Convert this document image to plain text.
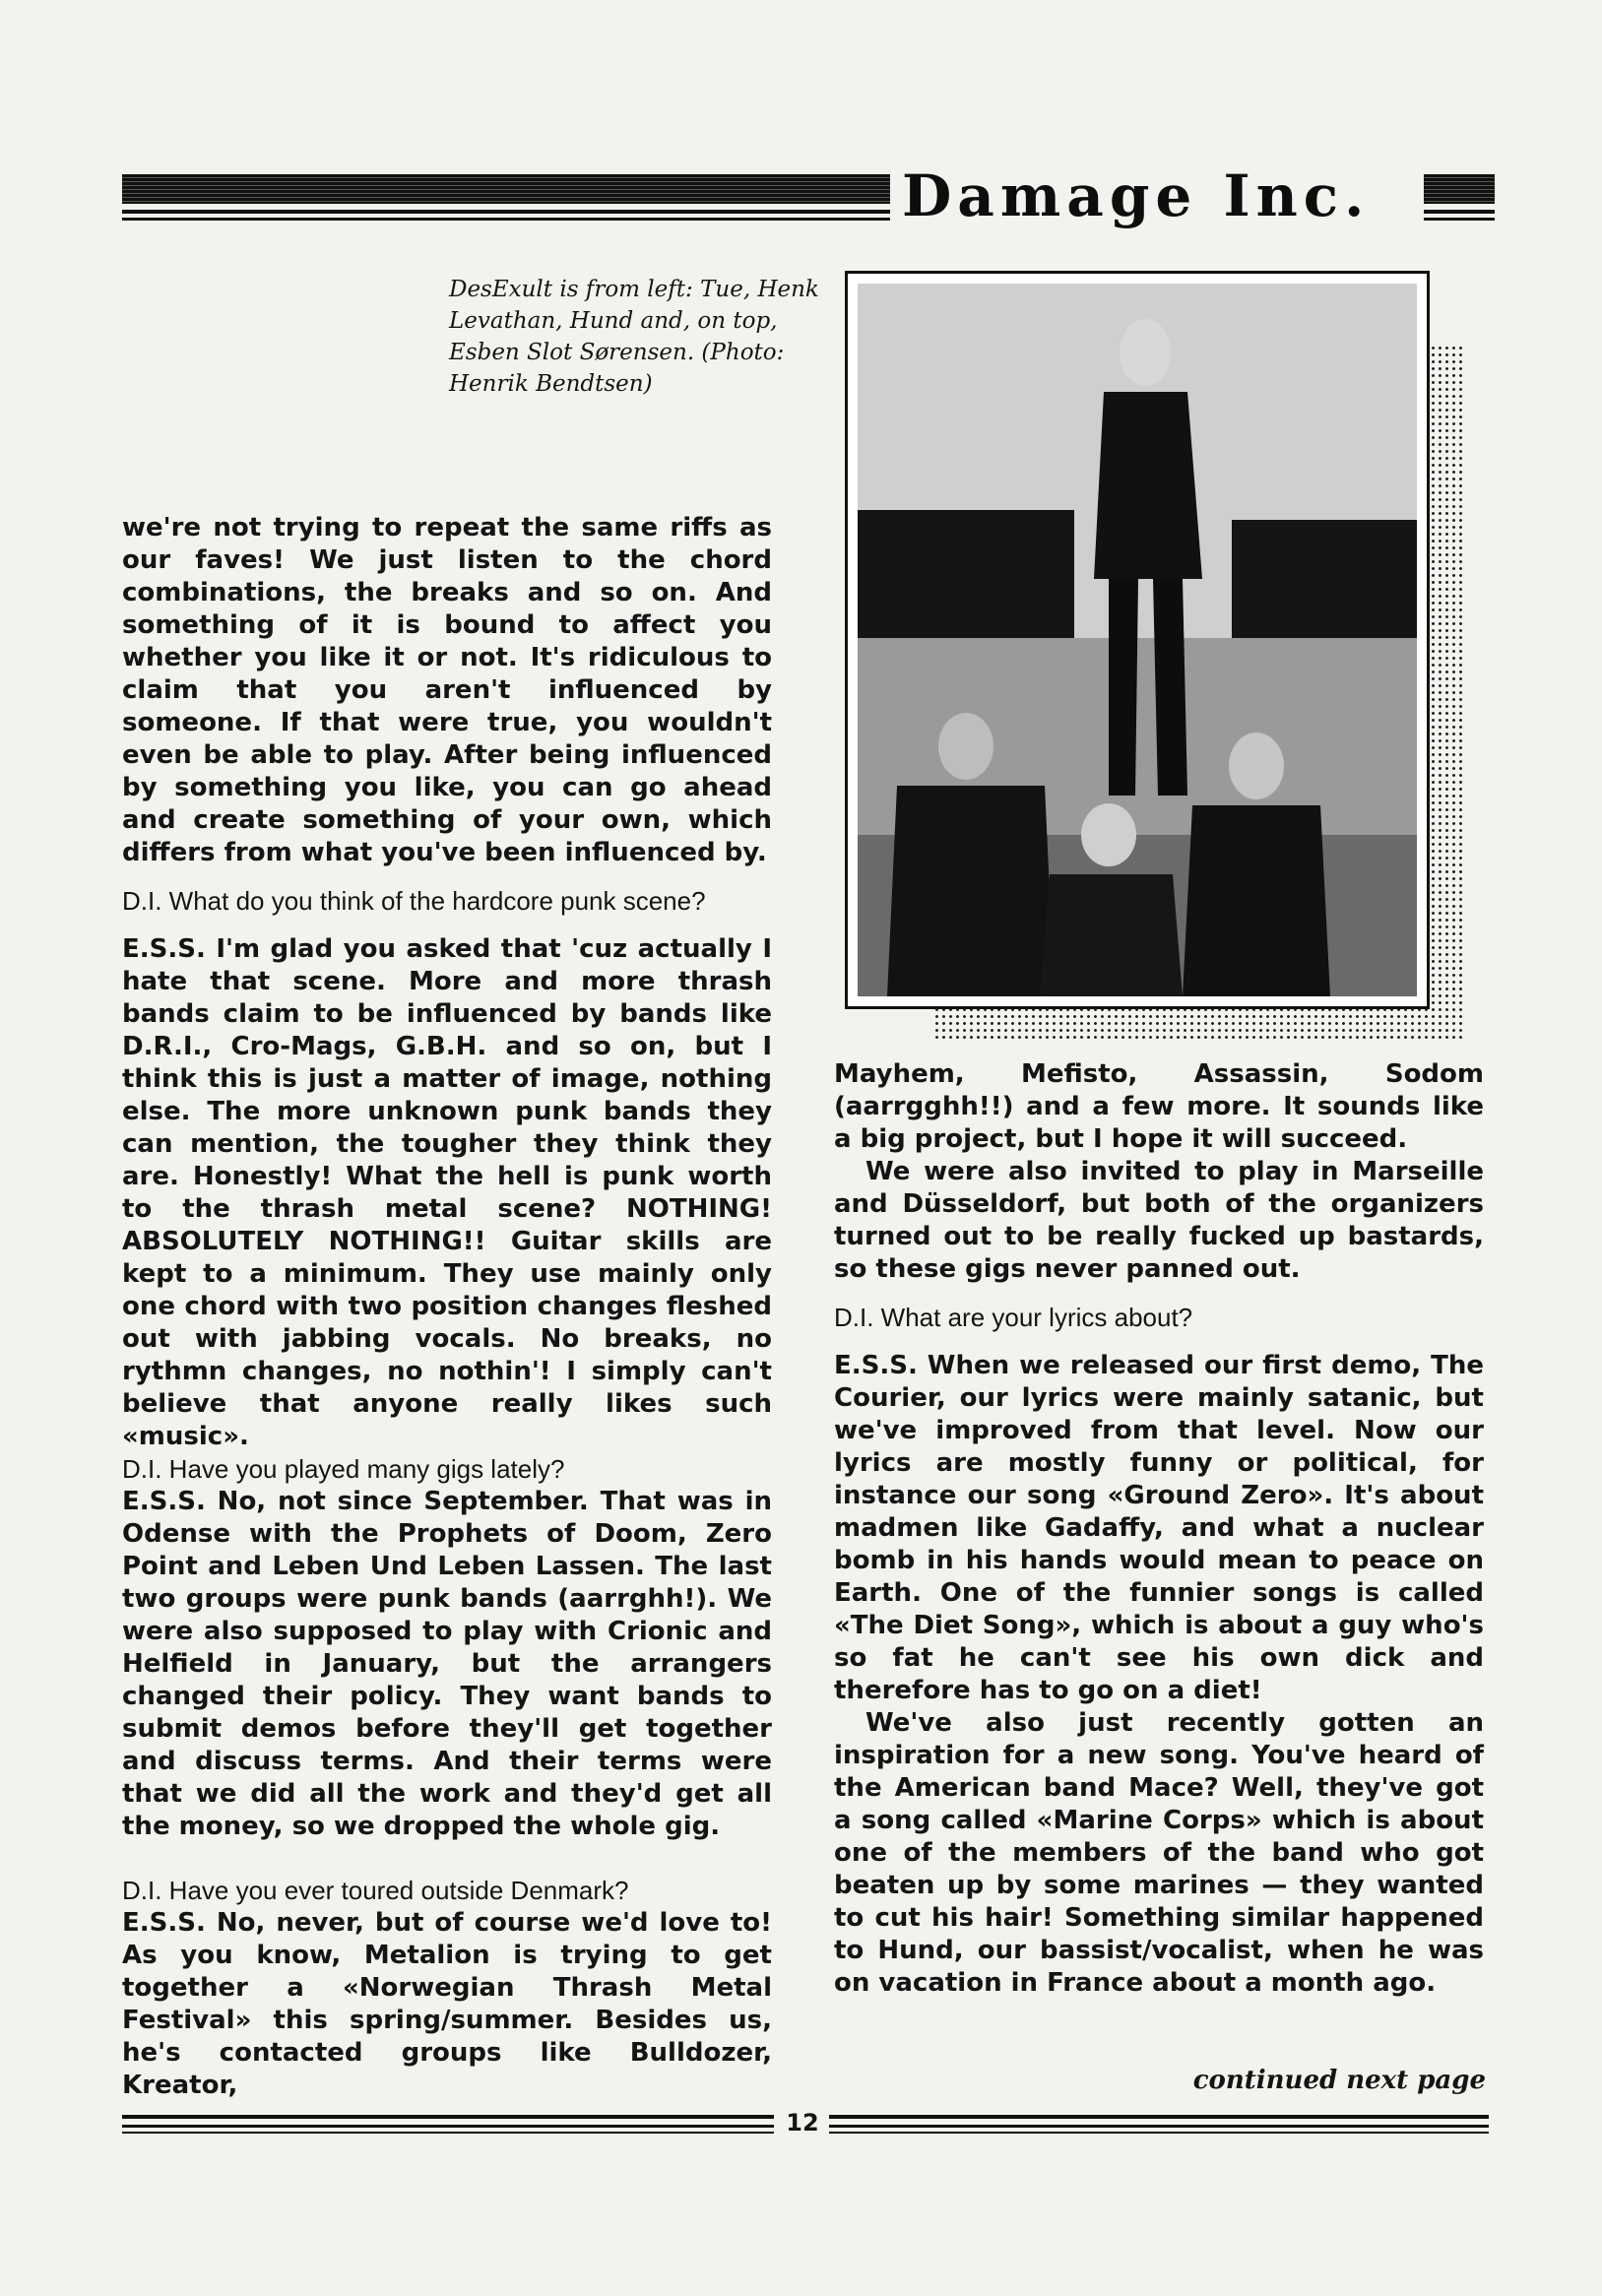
Damage Inc.
DesExult is from left: Tue, Henk Levathan, Hund and, on top, Esben Slot Sørensen. (Photo: Henrik Bendtsen)

we're not trying to repeat the same riffs as our faves! We just listen to the chord combinations, the breaks and so on. And something of it is bound to affect you whether you like it or not. It's ridiculous to claim that you aren't influenced by someone. If that were true, you wouldn't even be able to play. After being influenced by something you like, you can go ahead and create something of your own, which differs from what you've been influenced by.

D.I. What do you think of the hardcore punk scene?

E.S.S. I'm glad you asked that 'cuz actually I hate that scene. More and more thrash bands claim to be influenced by bands like D.R.I., Cro-Mags, G.B.H. and so on, but I think this is just a matter of image, nothing else. The more unknown punk bands they can mention, the tougher they think they are. Honestly! What the hell is punk worth to the thrash metal scene? NOTHING! ABSOLUTELY NOTHING!! Guitar skills are kept to a minimum. They use mainly only one chord with two position changes fleshed out with jabbing vocals. No breaks, no rythmn changes, no nothin'! I simply can't believe that anyone really likes such «music».

D.I. Have you played many gigs lately?

E.S.S. No, not since September. That was in Odense with the Prophets of Doom, Zero Point and Leben Und Leben Lassen. The last two groups were punk bands (aarrghh!). We were also supposed to play with Crionic and Helfield in January, but the arrangers changed their policy. They want bands to submit demos before they'll get together and discuss terms. And their terms were that we did all the work and they'd get all the money, so we dropped the whole gig.

D.I. Have you ever toured outside Denmark?

E.S.S. No, never, but of course we'd love to! As you know, Metalion is trying to get together a «Norwegian Thrash Metal Festival» this spring/summer. Besides us, he's contacted groups like Bulldozer, Kreator,

Mayhem, Mefisto, Assassin, Sodom (aarrgghh!!) and a few more. It sounds like a big project, but I hope it will succeed.

We were also invited to play in Marseille and Düsseldorf, but both of the organizers turned out to be really fucked up bastards, so these gigs never panned out.

D.I. What are your lyrics about?

E.S.S. When we released our first demo, The Courier, our lyrics were mainly satanic, but we've improved from that level. Now our lyrics are mostly funny or political, for instance our song «Ground Zero». It's about madmen like Gadaffy, and what a nuclear bomb in his hands would mean to peace on Earth. One of the funnier songs is called «The Diet Song», which is about a guy who's so fat he can't see his own dick and therefore has to go on a diet!

We've also just recently gotten an inspiration for a new song. You've heard of the American band Mace? Well, they've got a song called «Marine Corps» which is about one of the members of the band who got beaten up by some marines — they wanted to cut his hair! Something similar happened to Hund, our bassist/vocalist, when he was on vacation in France about a month ago.

continued next page
12
